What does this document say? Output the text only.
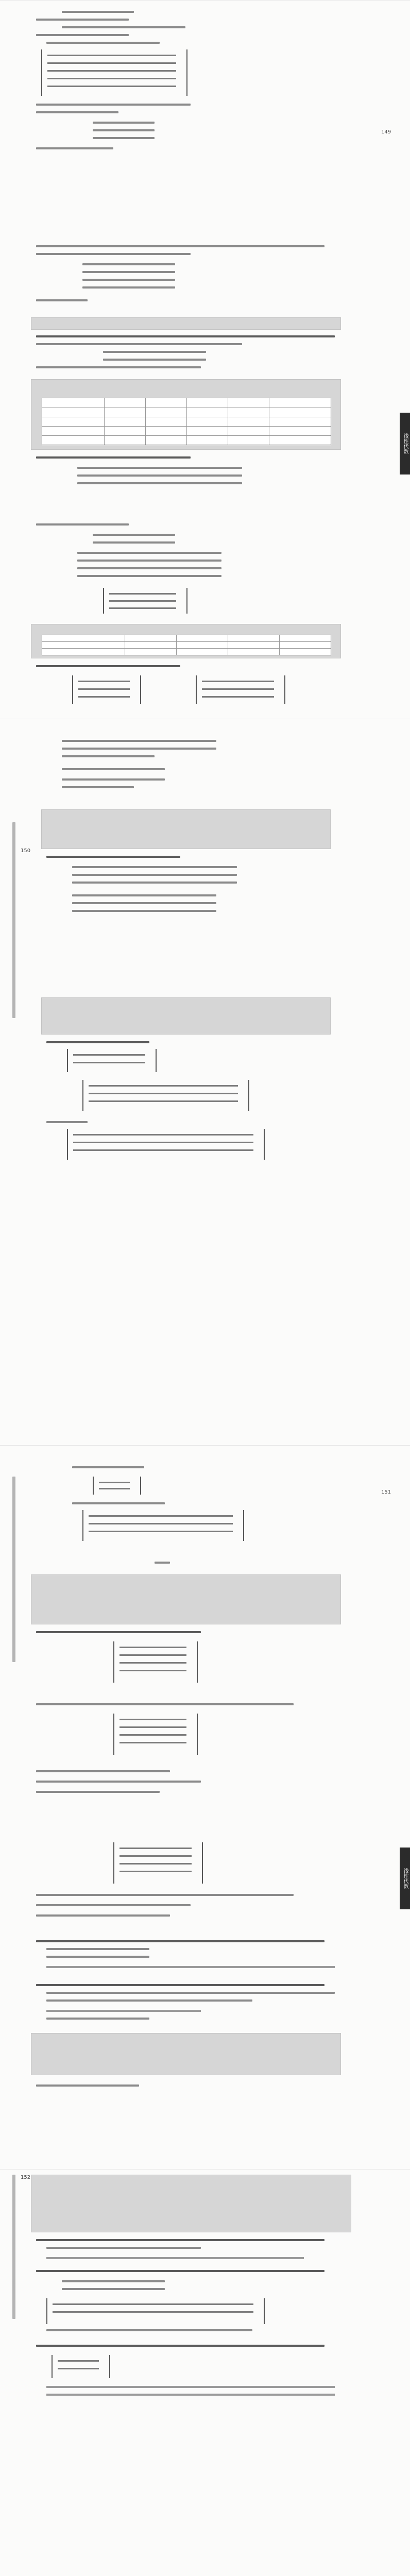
149
线性代数
150
151
线性代数
152
